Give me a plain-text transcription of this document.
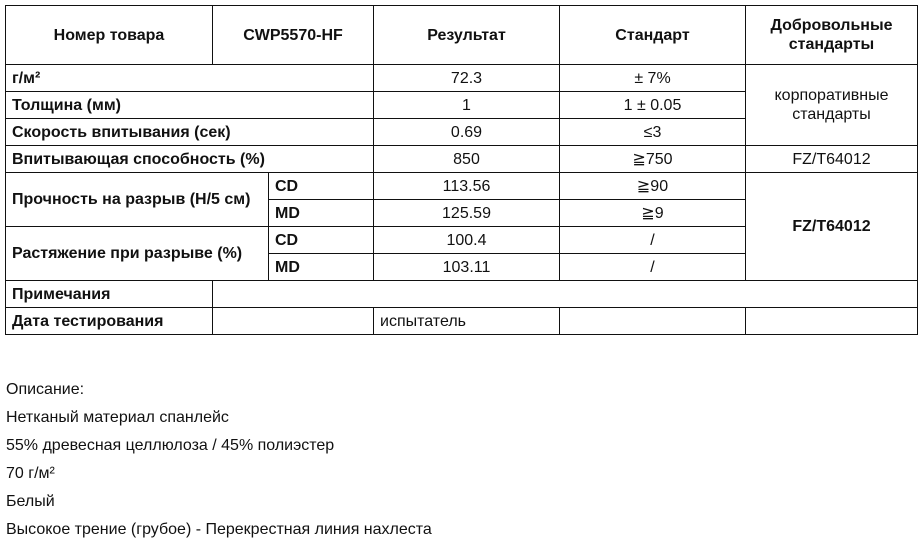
Номер товара	CWP5570-HF		Результат	Стандарт	Добровольные стандарты
г/м²			72.3	± 7%	корпоративные стандарты
Толщина (мм)			1	1 ± 0.05	
Скорость впитывания (сек)			0.69	≤3	
Впитывающая способность (%)			850	≧750	FZ/T64012
Прочность на разрыв (Н/5 см)		CD	113.56	≧90	FZ/T64012
		MD	125.59	≧9	
Растяжение при разрыве (%)		CD	100.4	/	
		MD	103.11	/	
Примечания					
Дата тестирования			испытатель		
Описание:
Нетканый материал спанлейс
55% древесная целлюлоза / 45% полиэстер
70 г/м²
Белый
Высокое трение (грубое) - Перекрестная линия нахлеста
